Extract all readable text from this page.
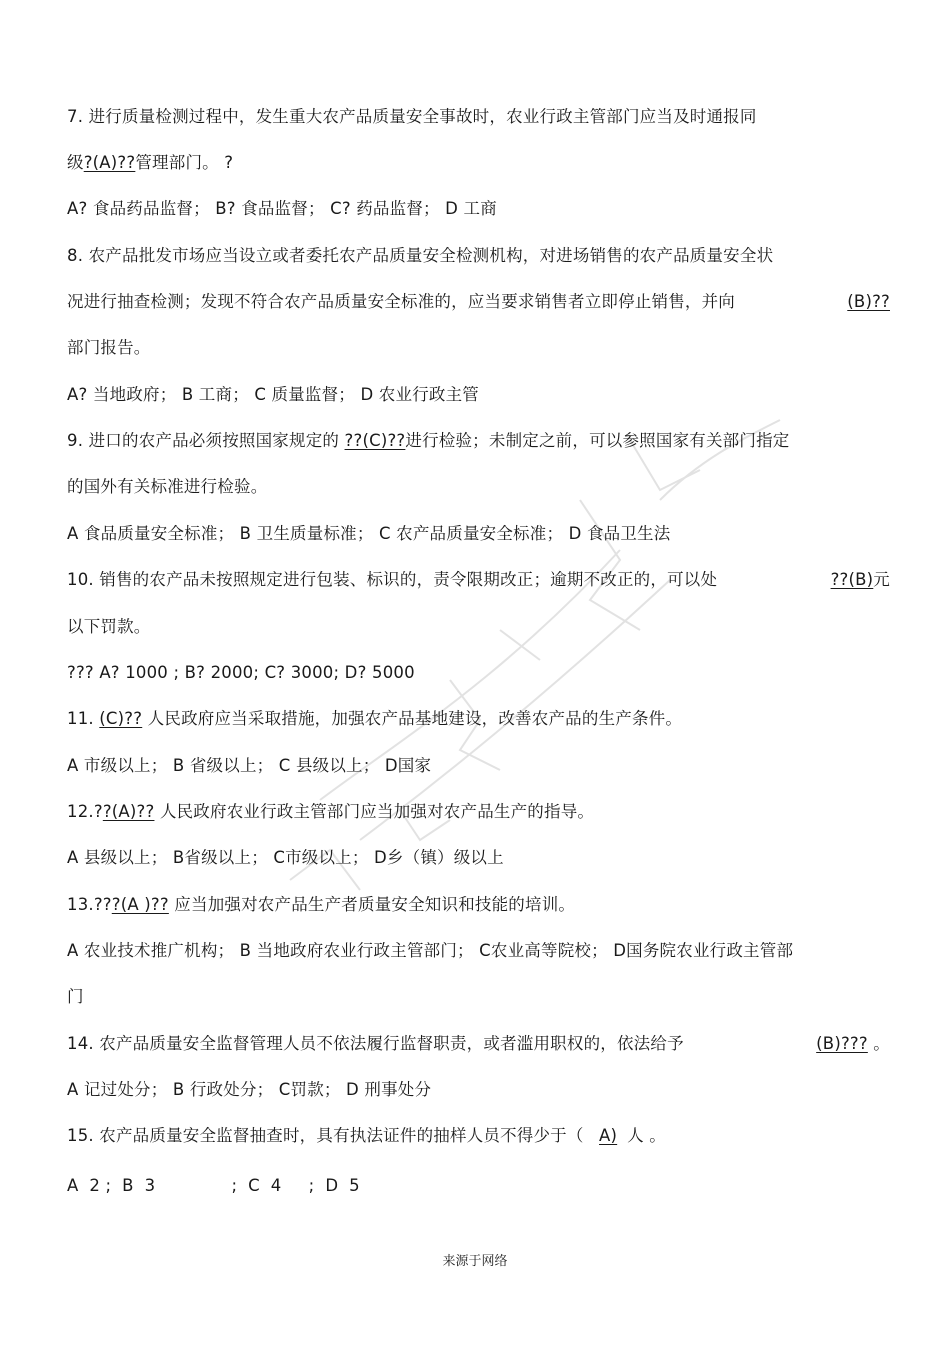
7. 进行质量检测过程中，发生重大农产品质量安全事故时，农业行政主管部门应当及时通报同
级?(A)??管理部门。 ?
A? 食品药品监督； B? 食品监督； C? 药品监督； D 工商
8. 农产品批发市场应当设立或者委托农产品质量安全检测机构，对进场销售的农产品质量安全状
况进行抽查检测；发现不符合农产品质量安全标准的，应当要求销售者立即停止销售，并向	(B)??
部门报告。
A? 当地政府； B 工商； C 质量监督； D 农业行政主管
9. 进口的农产品必须按照国家规定的 ??(C)??进行检验；未制定之前，可以参照国家有关部门指定
的国外有关标准进行检验。
A 食品质量安全标准； B 卫生质量标准； C 农产品质量安全标准； D 食品卫生法
10. 销售的农产品未按照规定进行包装、标识的，责令限期改正；逾期不改正的，可以处	??(B)元
以下罚款。
??? A? 1000 ; B? 2000; C? 3000; D? 5000
11. (C)?? 人民政府应当采取措施，加强农产品基地建设，改善农产品的生产条件。
A 市级以上； B 省级以上； C 县级以上； D国家
12.??(A)?? 人民政府农业行政主管部门应当加强对农产品生产的指导。
A 县级以上； B省级以上； C市级以上； D乡（镇）级以上
13.???(A )?? 应当加强对农产品生产者质量安全知识和技能的培训。
A 农业技术推广机构； B 当地政府农业行政主管部门； C农业高等院校； D国务院农业行政主管部
门
14. 农产品质量安全监督管理人员不依法履行监督职责，或者滥用职权的，依法给予	(B)??? 。
A 记过处分； B 行政处分； C罚款； D 刑事处分
15. 农产品质量安全监督抽查时，具有执法证件的抽样人员不得少于（ A) 人 。
A  2 ;  B  3              ;  C  4     ;  D  5
来源于网络
